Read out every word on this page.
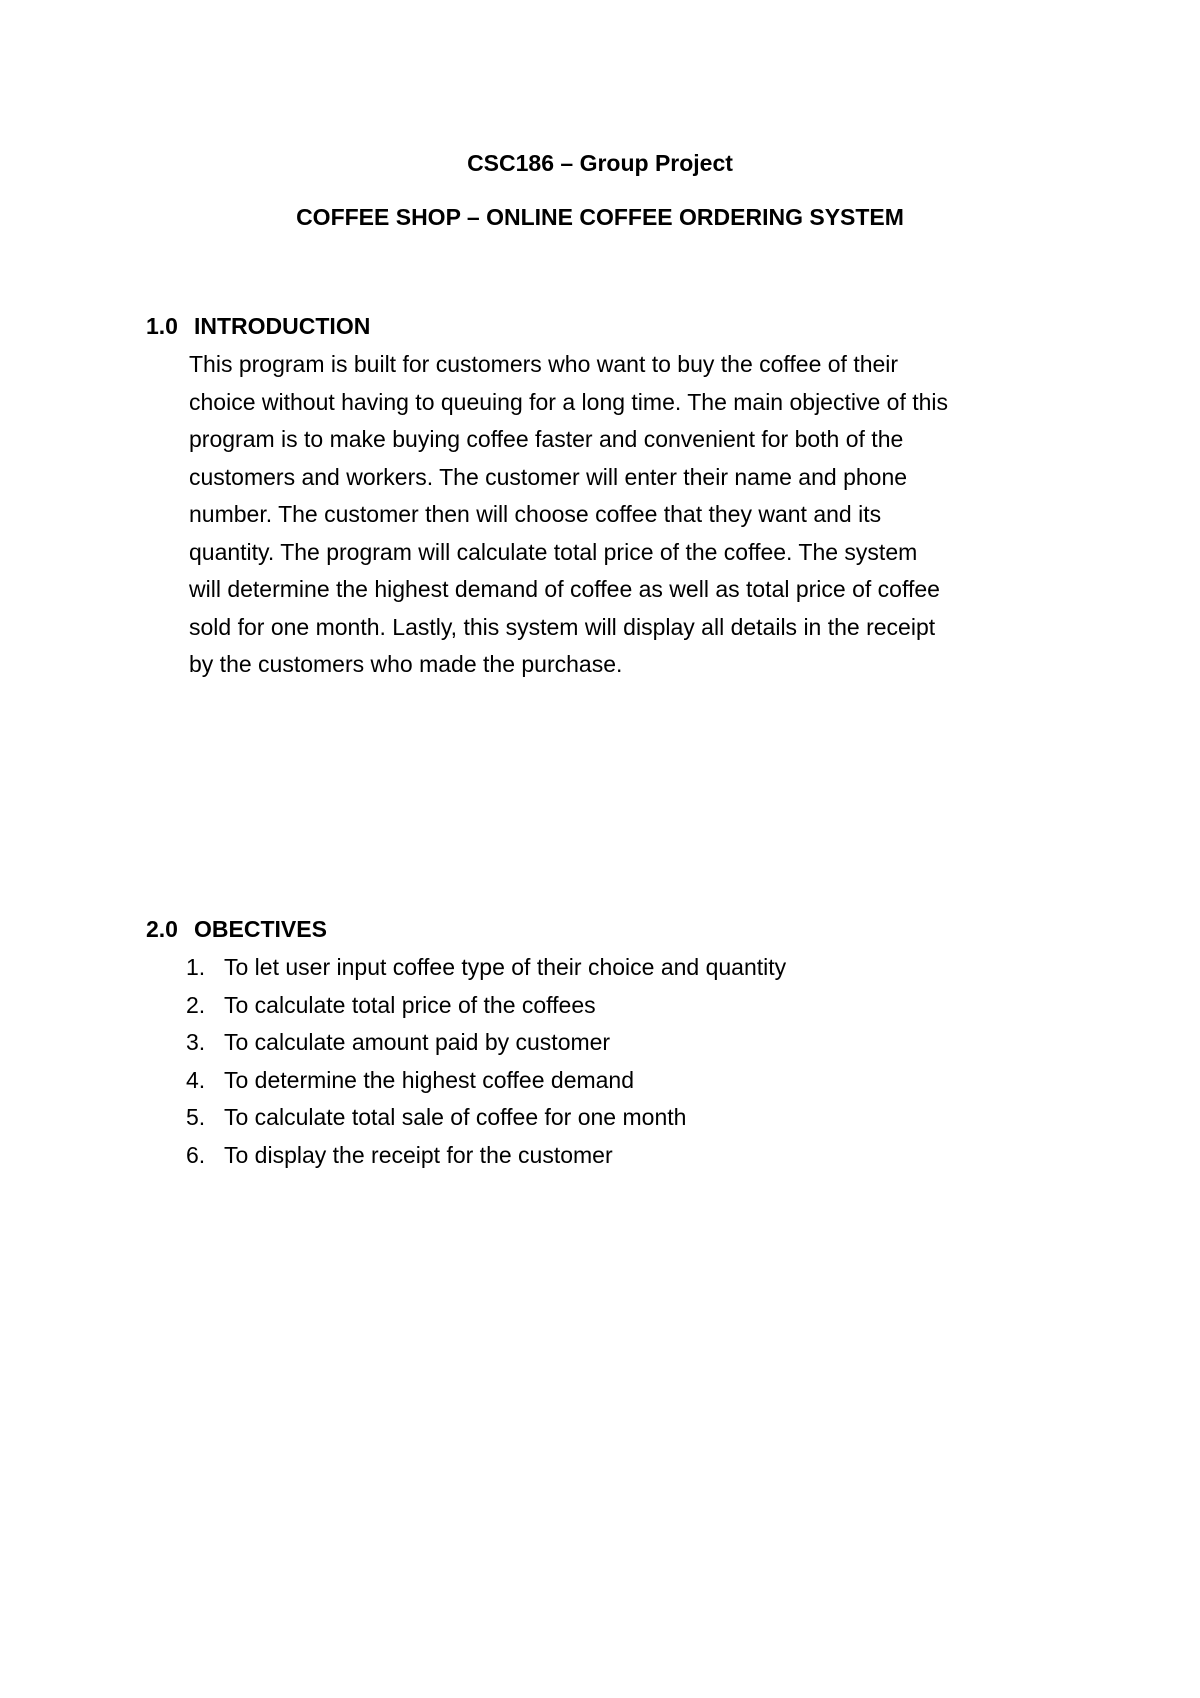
CSC186 – Group Project

COFFEE SHOP – ONLINE COFFEE ORDERING SYSTEM

1.0 INTRODUCTION

This program is built for customers who want to buy the coffee of their
choice without having to queuing for a long time. The main objective of this
program is to make buying coffee faster and convenient for both of the
customers and workers. The customer will enter their name and phone
number. The customer then will choose coffee that they want and its
quantity. The program will calculate total price of the coffee. The system
will determine the highest demand of coffee as well as total price of coffee
sold for one month. Lastly, this system will display all details in the receipt
by the customers who made the purchase.

2.0 OBECTIVES

1. To let user input coffee type of their choice and quantity
2. To calculate total price of the coffees
3. To calculate amount paid by customer
4. To determine the highest coffee demand
5. To calculate total sale of coffee for one month
6. To display the receipt for the customer
